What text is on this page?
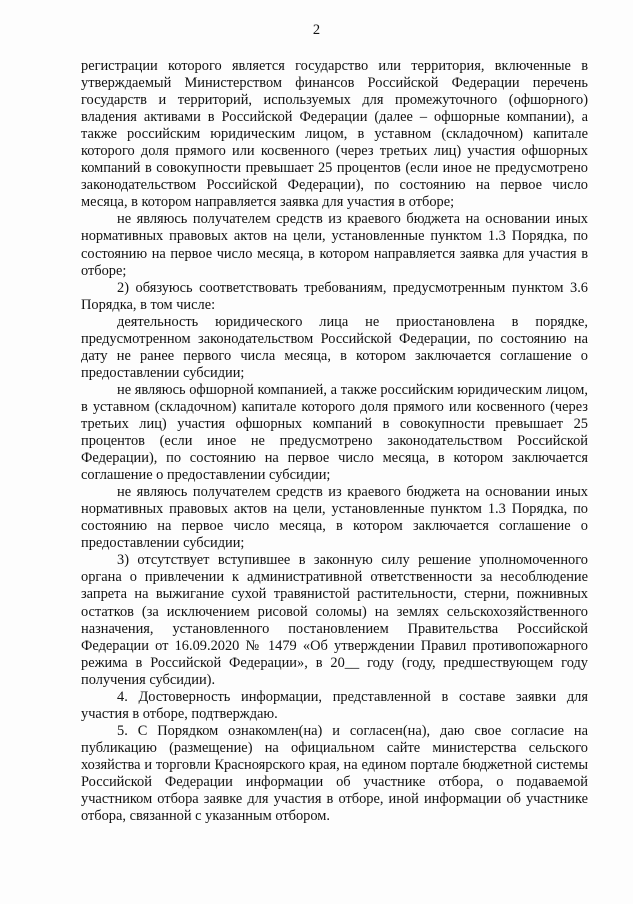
2

регистрации которого является государство или территория, включенные в утверждаемый Министерством финансов Российской Федерации перечень государств и территорий, используемых для промежуточного (офшорного) владения активами в Российской Федерации (далее – офшорные компании), а также российским юридическим лицом, в уставном (складочном) капитале которого доля прямого или косвенного (через третьих лиц) участия офшорных компаний в совокупности превышает 25 процентов (если иное не предусмотрено законодательством Российской Федерации), по состоянию на первое число месяца, в котором направляется заявка для участия в отборе;

не являюсь получателем средств из краевого бюджета на основании иных нормативных правовых актов на цели, установленные пунктом 1.3 Порядка, по состоянию на первое число месяца, в котором направляется заявка для участия в отборе;

2) обязуюсь соответствовать требованиям, предусмотренным пунктом 3.6 Порядка, в том числе:

деятельность юридического лица не приостановлена в порядке, предусмотренном законодательством Российской Федерации, по состоянию на дату не ранее первого числа месяца, в котором заключается соглашение о предоставлении субсидии;

не являюсь офшорной компанией, а также российским юридическим лицом, в уставном (складочном) капитале которого доля прямого или косвенного (через третьих лиц) участия офшорных компаний в совокупности превышает 25 процентов (если иное не предусмотрено законодательством Российской Федерации), по состоянию на первое число месяца, в котором заключается соглашение о предоставлении субсидии;

не являюсь получателем средств из краевого бюджета на основании иных нормативных правовых актов на цели, установленные пунктом 1.3 Порядка, по состоянию на первое число месяца, в котором заключается соглашение о предоставлении субсидии;

3) отсутствует вступившее в законную силу решение уполномоченного органа о привлечении к административной ответственности за несоблюдение запрета на выжигание сухой травянистой растительности, стерни, пожнивных остатков (за исключением рисовой соломы) на землях сельскохозяйственного назначения, установленного постановлением Правительства Российской Федерации от 16.09.2020 № 1479 «Об утверждении Правил противопожарного режима в Российской Федерации», в 20__ году (году, предшествующем году получения субсидии).

4. Достоверность информации, представленной в составе заявки для участия в отборе, подтверждаю.

5. С Порядком ознакомлен(на) и согласен(на), даю свое согласие на публикацию (размещение) на официальном сайте министерства сельского хозяйства и торговли Красноярского края, на едином портале бюджетной системы Российской Федерации информации об участнике отбора, о подаваемой участником отбора заявке для участия в отборе, иной информации об участнике отбора, связанной с указанным отбором.
